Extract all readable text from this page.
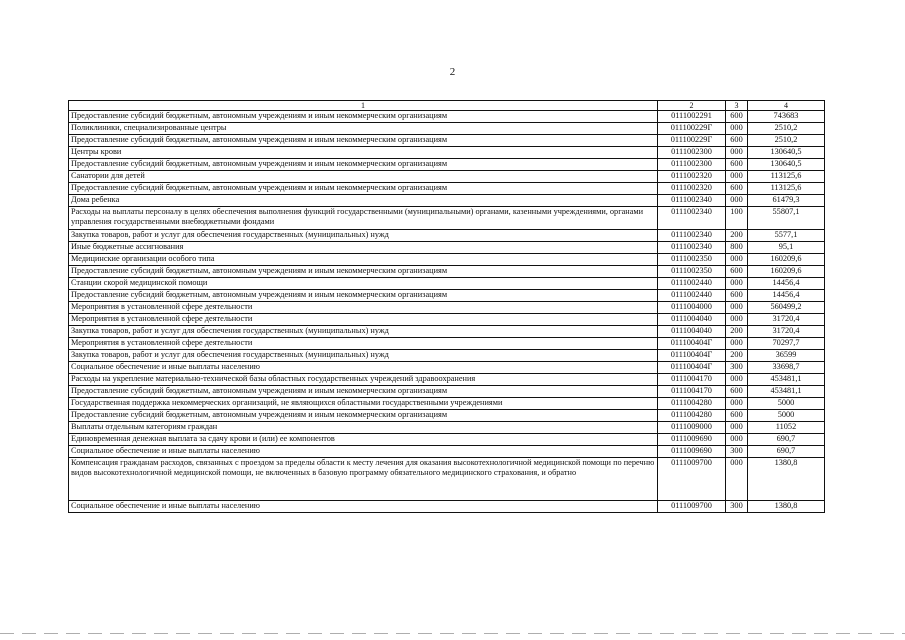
2
1	2	3	4
Предоставление субсидий бюджетным, автономным учреждениям и иным некоммерческим организациям	0111002291	600	743683
Поликлиники, специализированные центры	011100229Г	000	2510,2
Предоставление субсидий бюджетным, автономным учреждениям и иным некоммерческим организациям	011100229Г	600	2510,2
Центры крови	0111002300	000	130640,5
Предоставление субсидий бюджетным, автономным учреждениям и иным некоммерческим организациям	0111002300	600	130640,5
Санатории для детей	0111002320	000	113125,6
Предоставление субсидий бюджетным, автономным учреждениям и иным некоммерческим организациям	0111002320	600	113125,6
Дома ребенка	0111002340	000	61479,3
Расходы на выплаты персоналу в целях обеспечения выполнения функций государственными (муниципальными) органами, казенными учреждениями, органами управления государственными внебюджетными фондами	0111002340	100	55807,1
Закупка товаров, работ и услуг для обеспечения государственных (муниципальных) нужд	0111002340	200	5577,1
Иные бюджетные ассигнования	0111002340	800	95,1
Медицинские организации особого типа	0111002350	000	160209,6
Предоставление субсидий бюджетным, автономным учреждениям и иным некоммерческим организациям	0111002350	600	160209,6
Станции скорой медицинской помощи	0111002440	000	14456,4
Предоставление субсидий бюджетным, автономным учреждениям и иным некоммерческим организациям	0111002440	600	14456,4
Мероприятия в установленной сфере деятельности	0111004000	000	560499,2
Мероприятия в установленной сфере деятельности	0111004040	000	31720,4
Закупка товаров, работ и услуг для обеспечения государственных (муниципальных) нужд	0111004040	200	31720,4
Мероприятия в установленной сфере деятельности	011100404Г	000	70297,7
Закупка товаров, работ и услуг для обеспечения государственных (муниципальных) нужд	011100404Г	200	36599
Социальное обеспечение и иные выплаты населению	011100404Г	300	33698,7
Расходы на укрепление материально-технической базы областных государственных учреждений здравоохранения	0111004170	000	453481,1
Предоставление субсидий бюджетным, автономным учреждениям и иным некоммерческим организациям	0111004170	600	453481,1
Государственная поддержка некоммерческих организаций, не являющихся областными государственными учреждениями	0111004280	000	5000
Предоставление субсидий бюджетным, автономным учреждениям и иным некоммерческим организациям	0111004280	600	5000
Выплаты отдельным категориям граждан	0111009000	000	11052
Единовременная денежная выплата за сдачу крови и (или) ее компонентов	0111009690	000	690,7
Социальное обеспечение и иные выплаты населению	0111009690	300	690,7
Компенсация гражданам расходов, связанных с проездом за пределы области к месту лечения для оказания высокотехнологичной медицинской помощи по перечню видов высокотехнологичной медицинской помощи, не включенных в базовую программу обязательного медицинского страхования, и обратно	0111009700	000	1380,8
Социальное обеспечение и иные выплаты населению	0111009700	300	1380,8
